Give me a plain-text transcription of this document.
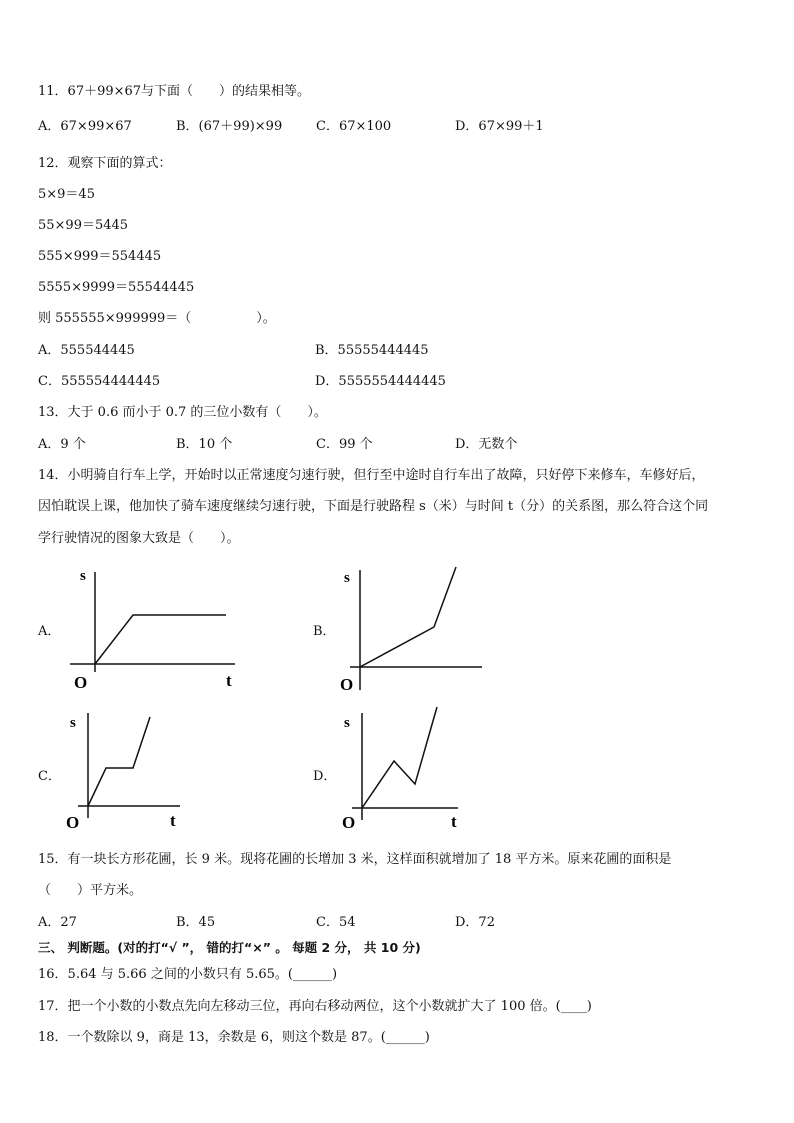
11．67＋99×67与下面（　　）的结果相等。
A．67×99×67	B．(67＋99)×99	C．67×100	D．67×99＋1
12．观察下面的算式：
5×9＝45
55×99＝5445
555×999＝554445
5555×9999＝55544445
则 555555×999999＝（　　　　　）。
A．555544445	B．55555444445
C．555554444445	D．5555554444445
13．大于 0.6 而小于 0.7 的三位小数有（　　）。
A．9 个	B．10 个	C．99 个	D．无数个
14．小明骑自行车上学，开始时以正常速度匀速行驶，但行至中途时自行车出了故障，只好停下来修车，车修好后，
因怕耽误上课，他加快了骑车速度继续匀速行驶，下面是行驶路程 s（米）与时间 t（分）的关系图，那么符合这个同
学行驶情况的图象大致是（　　）。
A．	B．
C．	D．
s
t
O
s
O
s
t
O
s
t
O
15．有一块长方形花圃，长 9 米。现将花圃的长增加 3 米，这样面积就增加了 18 平方米。原来花圃的面积是
（　　）平方米。
A．27	B．45	C．54	D．72
三、 判断题。(对的打“√ ”， 错的打“×” 。 每题 2 分， 共 10 分)
16．5.64 与 5.66 之间的小数只有 5.65。(______)
17．把一个小数的小数点先向左移动三位，再向右移动两位，这个小数就扩大了 100 倍。(____)
18．一个数除以 9，商是 13，余数是 6，则这个数是 87。(______)
